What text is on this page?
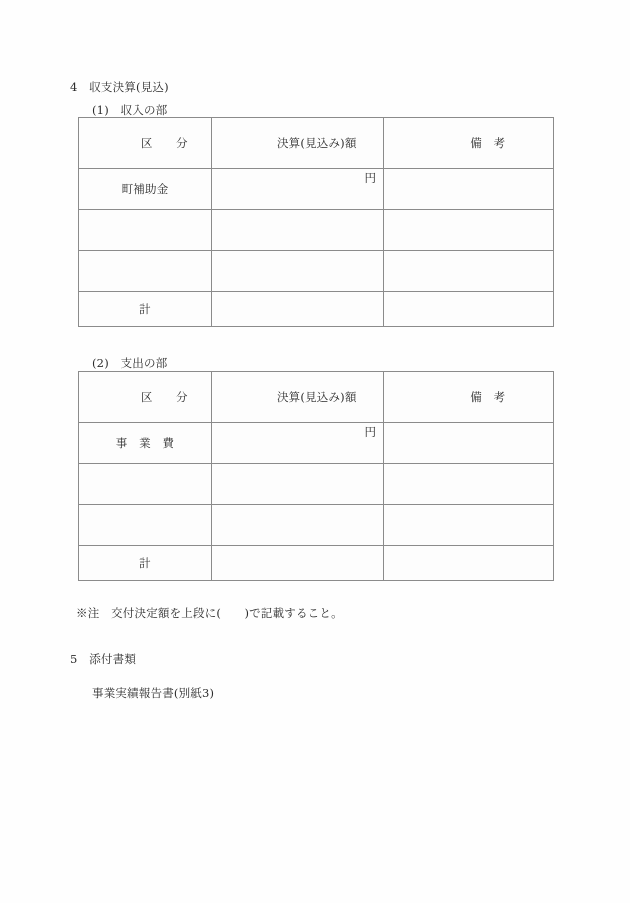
4　収支決算(見込)
(1)　収入の部

区　　分	決算(見込み)額	備　考

町補助金	円	

計		
(2)　支出の部

区　　分	決算(見込み)額	備　考

事　業　費	円	

計		
※注　交付決定額を上段に(　　)で記載すること。
5　添付書類
事業実績報告書(別紙3)
